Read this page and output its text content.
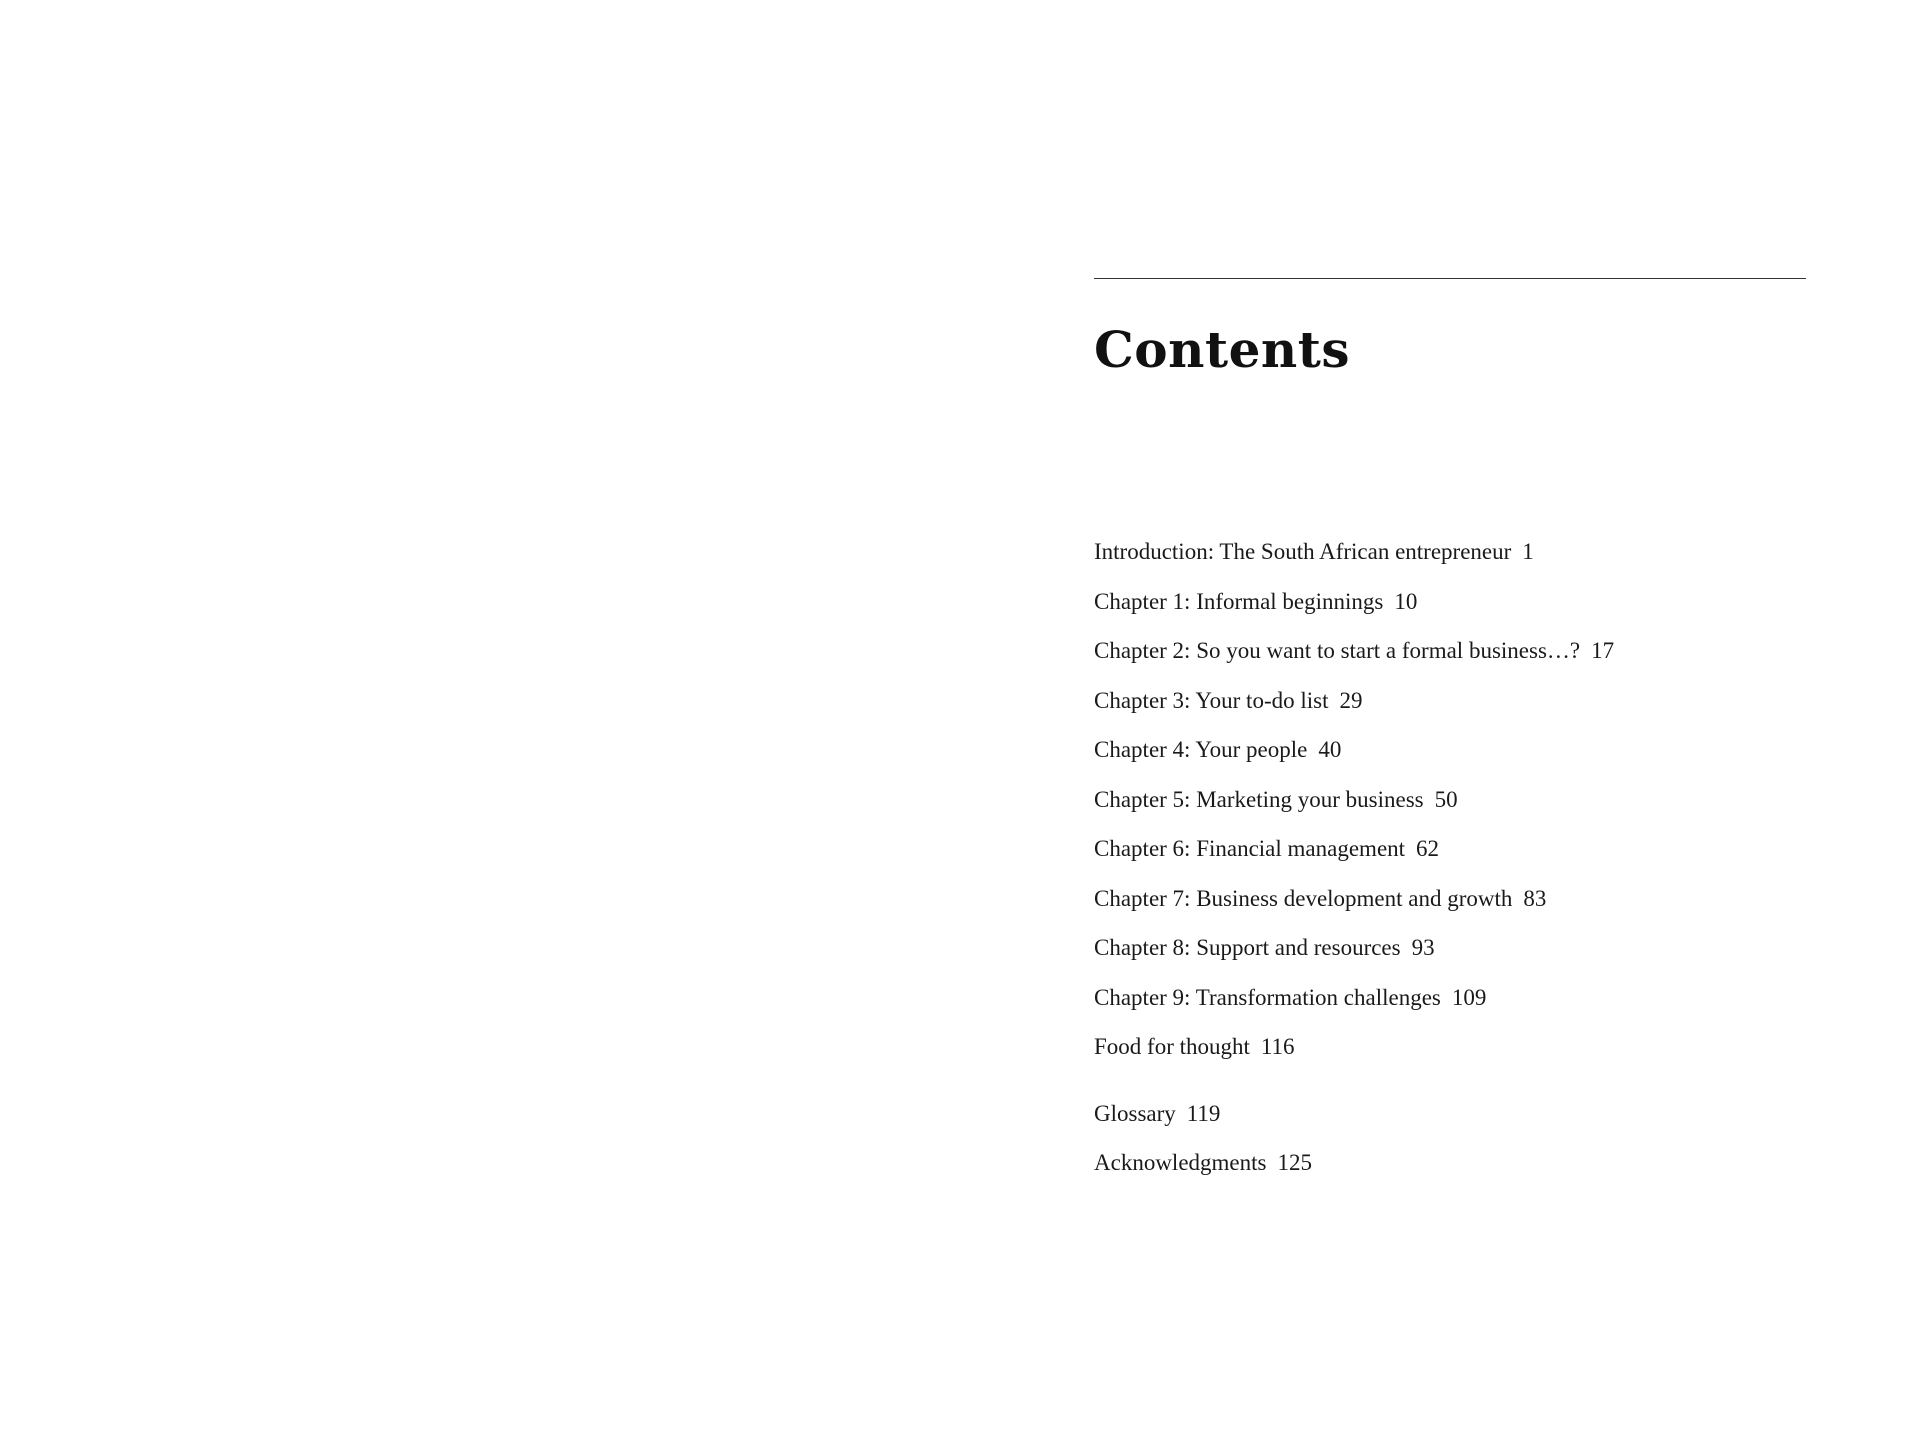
Contents
Introduction: The South African entrepreneur 1
Chapter 1: Informal beginnings 10
Chapter 2: So you want to start a formal business…? 17
Chapter 3: Your to-do list 29
Chapter 4: Your people 40
Chapter 5: Marketing your business 50
Chapter 6: Financial management 62
Chapter 7: Business development and growth 83
Chapter 8: Support and resources 93
Chapter 9: Transformation challenges 109
Food for thought 116
Glossary 119
Acknowledgments 125
